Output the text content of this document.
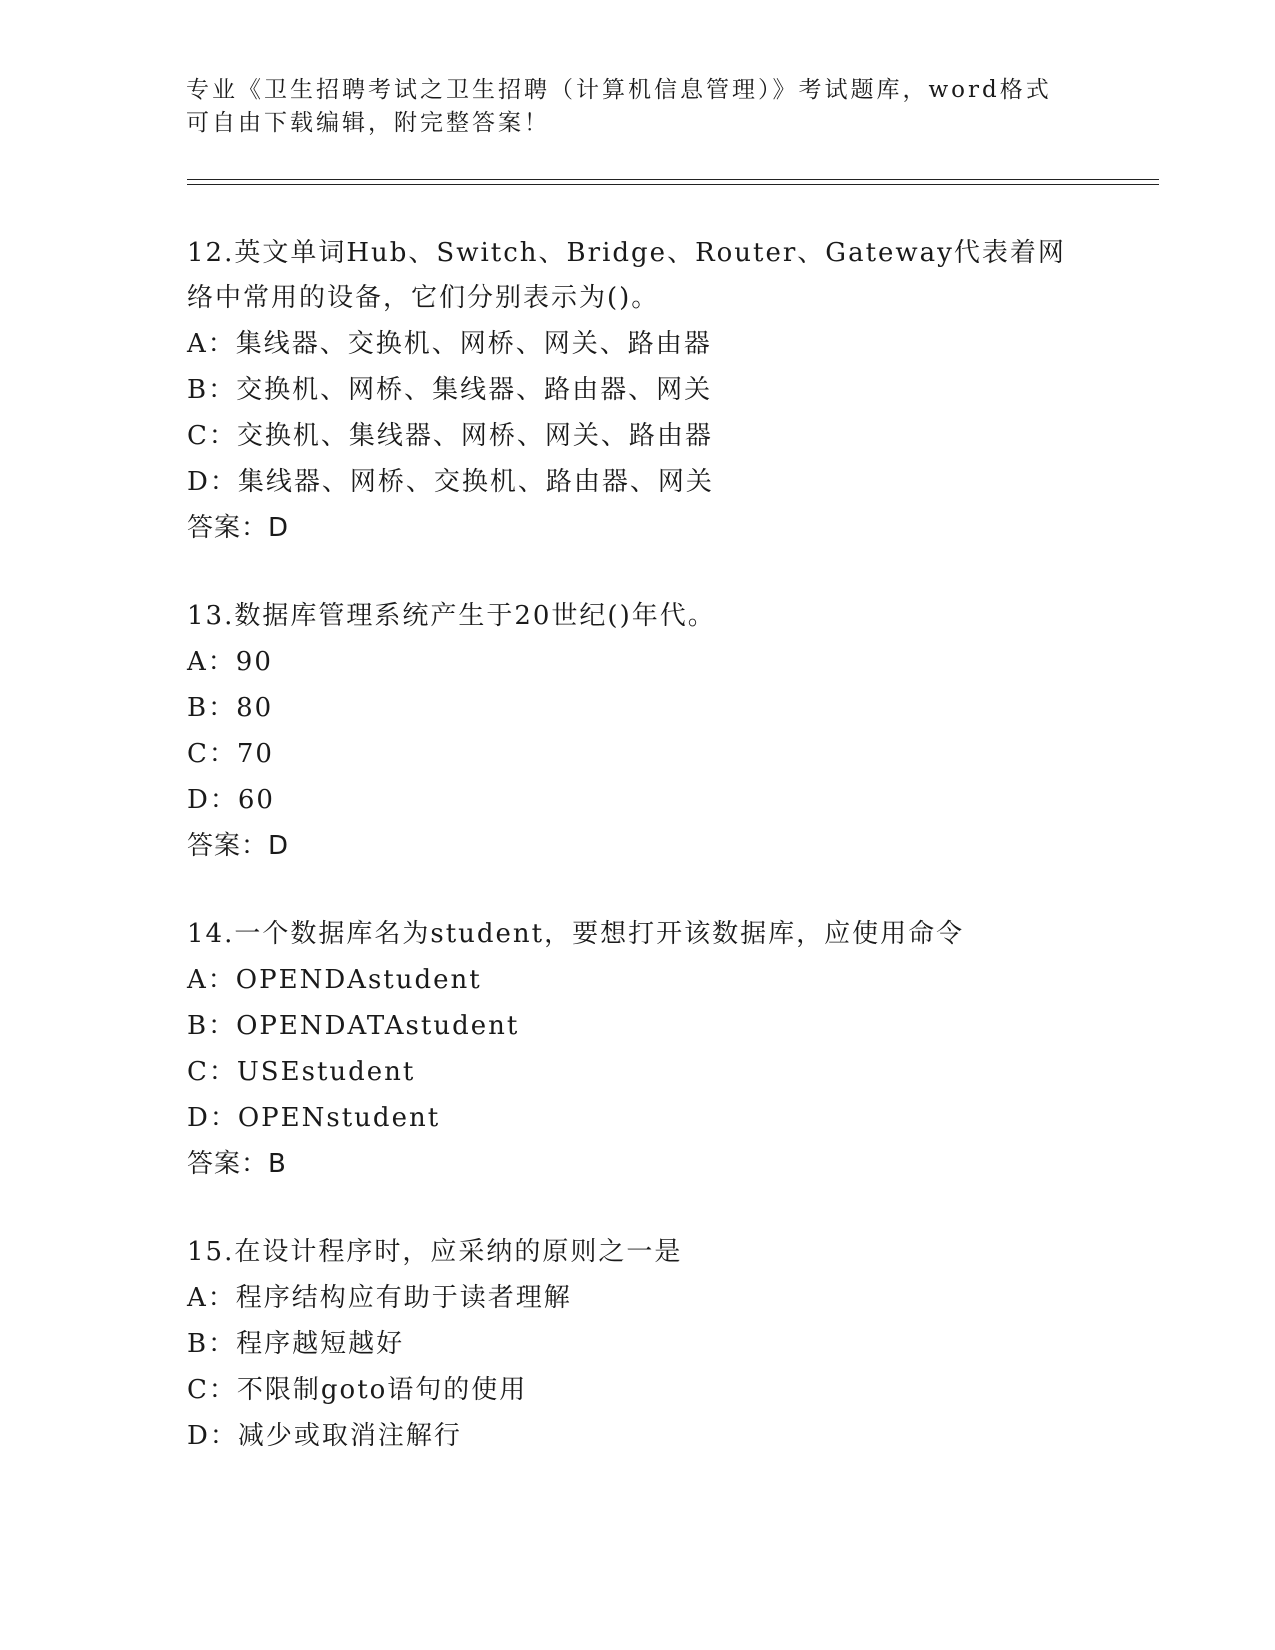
专业《卫生招聘考试之卫生招聘（计算机信息管理）》考试题库，word格式可自由下载编辑，附完整答案！
12.英文单词Hub、Switch、Bridge、Router、Gateway代表着网络中常用的设备，它们分别表示为()。
A：集线器、交换机、网桥、网关、路由器
B：交换机、网桥、集线器、路由器、网关
C：交换机、集线器、网桥、网关、路由器
D：集线器、网桥、交换机、路由器、网关
答案：D
13.数据库管理系统产生于20世纪()年代。
A：90
B：80
C：70
D：60
答案：D
14.一个数据库名为student，要想打开该数据库，应使用命令
A：OPENDAstudent
B：OPENDATAstudent
C：USEstudent
D：OPENstudent
答案：B
15.在设计程序时，应采纳的原则之一是
A：程序结构应有助于读者理解
B：程序越短越好
C：不限制goto语句的使用
D：减少或取消注解行
